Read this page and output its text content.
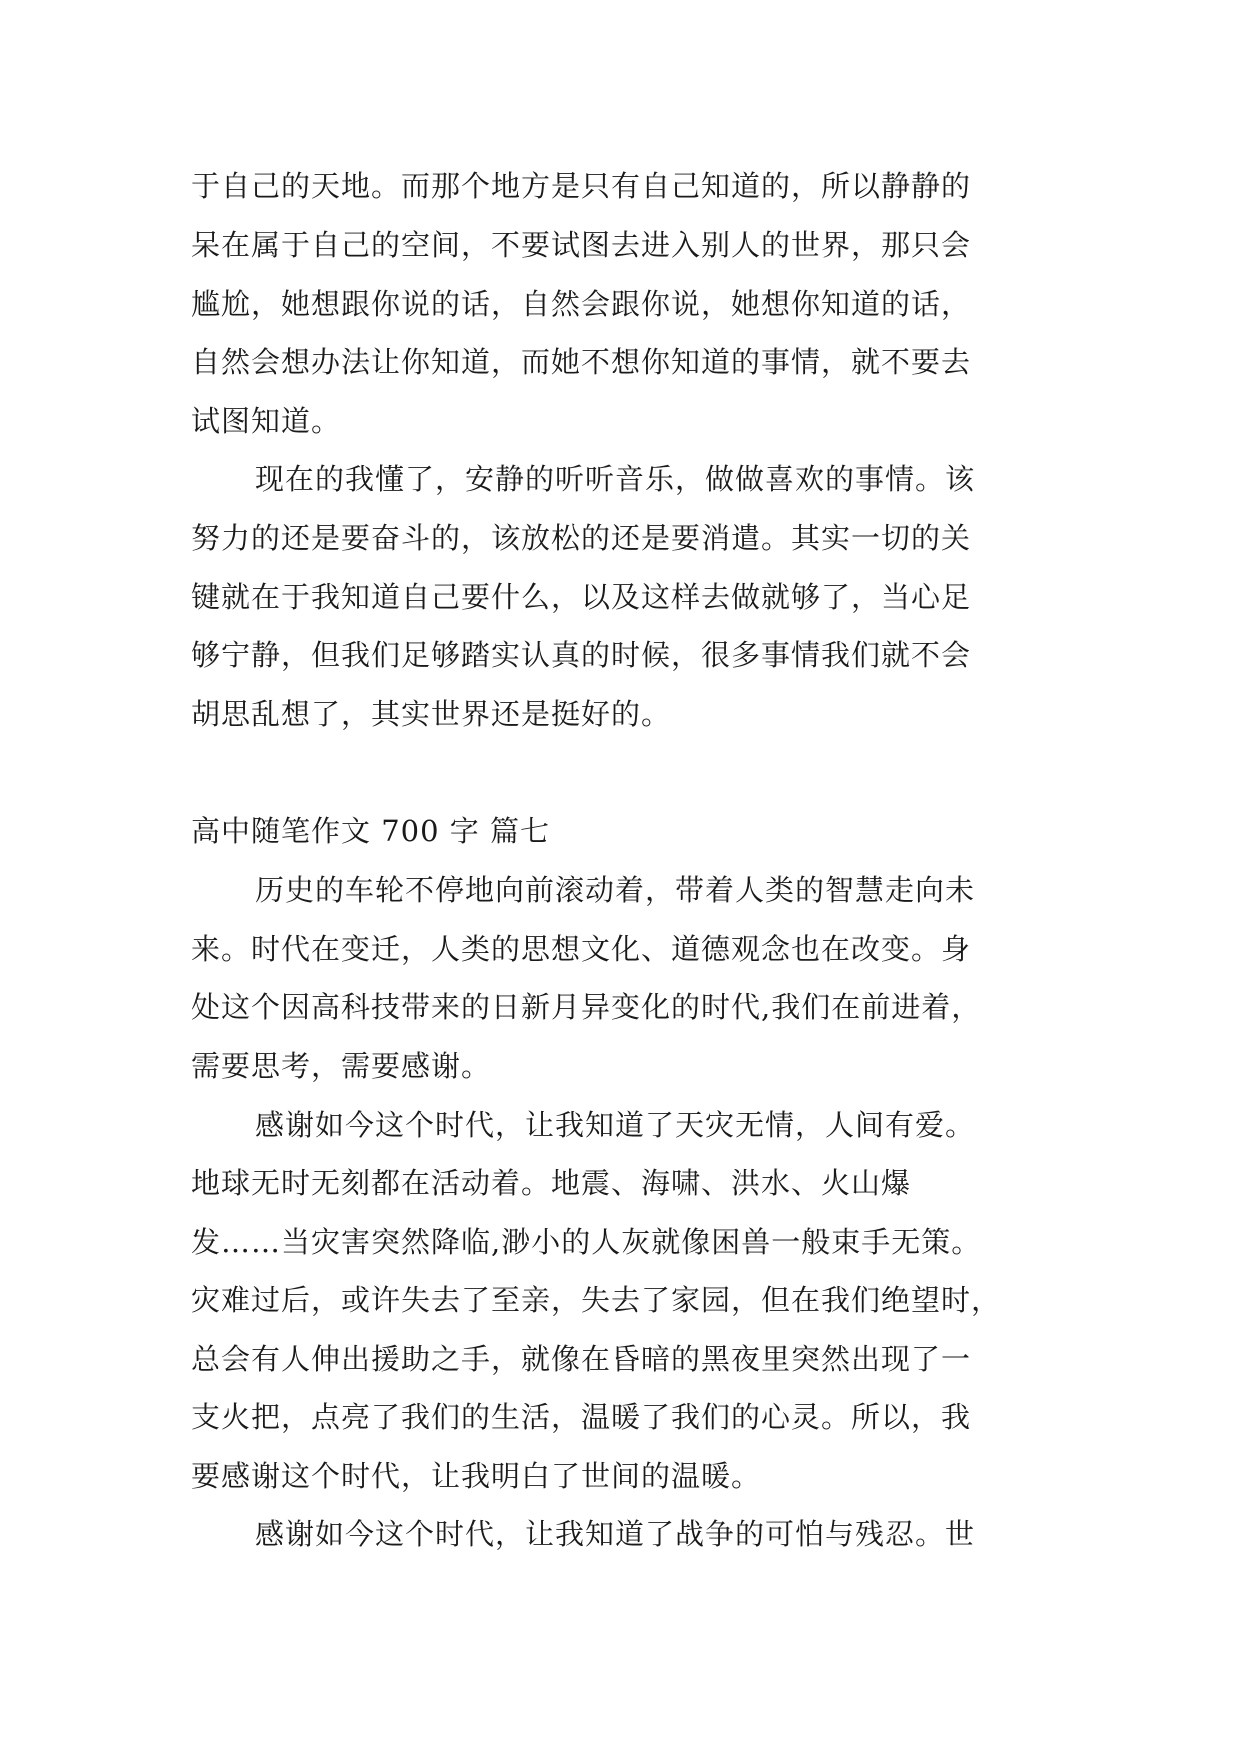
于自己的天地。而那个地方是只有自己知道的，所以静静的
呆在属于自己的空间，不要试图去进入别人的世界，那只会
尴尬，她想跟你说的话，自然会跟你说，她想你知道的话，
自然会想办法让你知道，而她不想你知道的事情，就不要去
试图知道。
现在的我懂了，安静的听听音乐，做做喜欢的事情。该
努力的还是要奋斗的，该放松的还是要消遣。其实一切的关
键就在于我知道自己要什么，以及这样去做就够了，当心足
够宁静，但我们足够踏实认真的时候，很多事情我们就不会
胡思乱想了，其实世界还是挺好的。
高中随笔作文 700 字 篇七
历史的车轮不停地向前滚动着，带着人类的智慧走向未
来。时代在变迁，人类的思想文化、道德观念也在改变。身
处这个因高科技带来的日新月异变化的时代,我们在前进着，
需要思考，需要感谢。
感谢如今这个时代，让我知道了天灾无情，人间有爱。
地球无时无刻都在活动着。地震、海啸、洪水、火山爆
发……当灾害突然降临,渺小的人灰就像困兽一般束手无策。
灾难过后，或许失去了至亲，失去了家园，但在我们绝望时，
总会有人伸出援助之手，就像在昏暗的黑夜里突然出现了一
支火把，点亮了我们的生活，温暖了我们的心灵。所以，我
要感谢这个时代，让我明白了世间的温暖。
感谢如今这个时代，让我知道了战争的可怕与残忍。世
